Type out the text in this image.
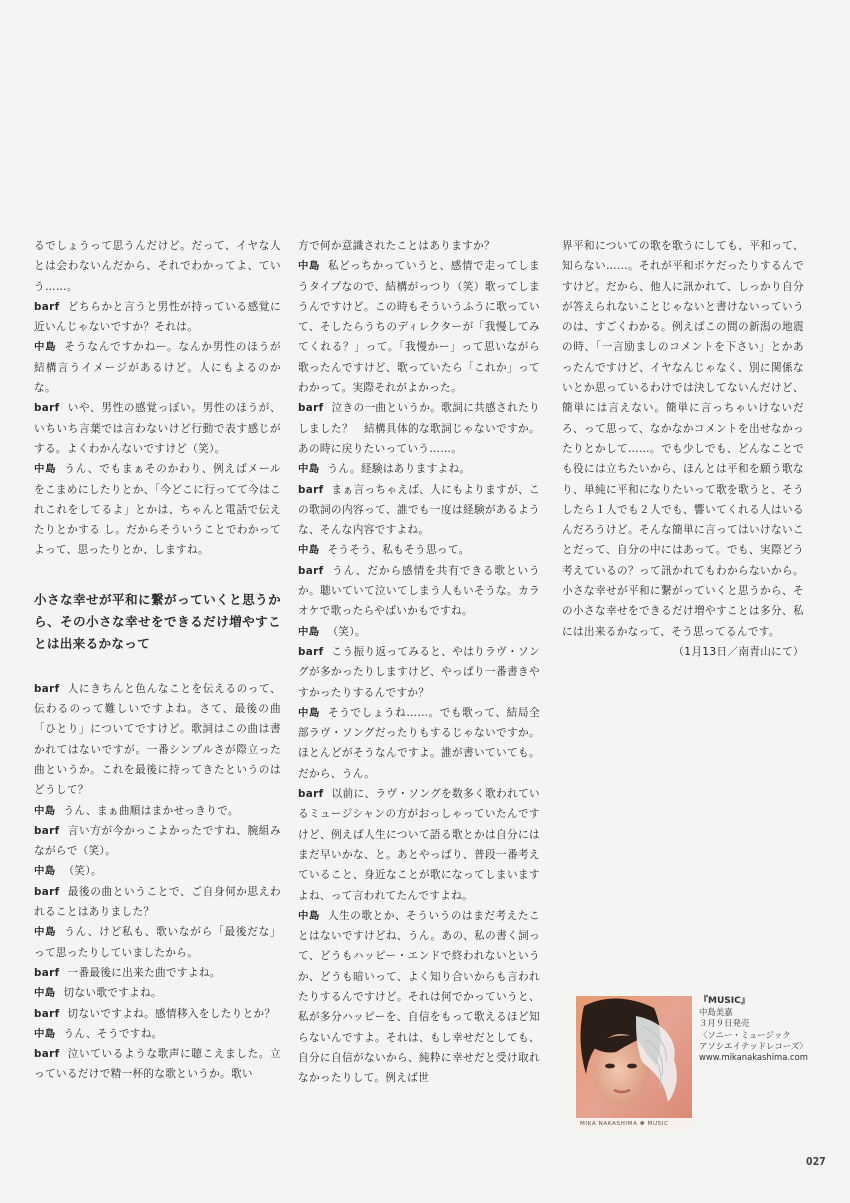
るでしょうって思うんだけど。だって、イヤな人とは会わないんだから、それでわかってよ、ていう……。

barf どちらかと言うと男性が持っている感覚に近いんじゃないですか？それは。

中島 そうなんですかねー。なんか男性のほうが結構言うイメージがあるけど。人にもよるのかな。

barf いや、男性の感覚っぽい。男性のほうが、いちいち言葉では言わないけど行動で表す感じがする。よくわかんないですけど（笑）。

中島 うん、でもまぁそのかわり、例えばメールをこまめにしたりとか、「今どこに行ってて今はこれこれをしてるよ」とかは、ちゃんと電話で伝えたりとかする し。だからそういうことでわかってよって、思ったりとか、しますね。

小さな幸せが平和に繋がっていくと思うから、その小さな幸せをできるだけ増やすことは出来るかなって

barf 人にきちんと色んなことを伝えるのって、伝わるのって難しいですよね。さて、最後の曲「ひとり」についてですけど。歌詞はこの曲は書かれてはないですが。一番シンプルさが際立った曲というか。これを最後に持ってきたというのはどうして？

中島 うん、まぁ曲順はまかせっきりで。

barf 言い方が今かっこよかったですね、腕組みながらで（笑）。

中島 （笑）。

barf 最後の曲ということで、ご自身何か思えわれることはありました？

中島 うん、けど私も、歌いながら「最後だな」って思ったりしていましたから。

barf 一番最後に出来た曲ですよね。

中島 切ない歌ですよね。

barf 切ないですよね。感情移入をしたりとか？

中島 うん、そうですね。

barf 泣いているような歌声に聴こえました。立っているだけで精一杯的な歌というか。歌い

方で何か意識されたことはありますか？

中島 私どっちかっていうと、感情で走ってしまうタイプなので、結構がっつり（笑）歌ってしまうんですけど。この時もそういうふうに歌っていて、そしたらうちのディレクターが「我慢してみてくれる？」って。「我慢かー」って思いながら歌ったんですけど、歌っていたら「これか」ってわかって。実際それがよかった。

barf 泣きの一曲というか。歌詞に共感されたりしました？　結構具体的な歌詞じゃないですか。あの時に戻りたいっていう……。

中島 うん。経験はありますよね。

barf まぁ言っちゃえば、人にもよりますが、この歌詞の内容って、誰でも一度は経験があるような、そんな内容ですよね。

中島 そうそう、私もそう思って。

barf うん、だから感情を共有できる歌というか。聴いていて泣いてしまう人もいそうな。カラオケで歌ったらやばいかもですね。

中島 （笑）。

barf こう振り返ってみると、やはりラヴ・ソングが多かったりしますけど、やっぱり一番書きやすかったりするんですか？

中島 そうでしょうね……。でも歌って、結局全部ラヴ・ソングだったりもするじゃないですか。ほとんどがそうなんですよ。誰が書いていても。だから、うん。

barf 以前に、ラヴ・ソングを数多く歌われているミュージシャンの方がおっしゃっていたんですけど、例えば人生について語る歌とかは自分にはまだ早いかな、と。あとやっぱり、普段一番考えていること、身近なことが歌になってしまいますよね、って言われてたんですよね。

中島 人生の歌とか、そういうのはまだ考えたことはないですけどね、うん。あの、私の書く詞って、どうもハッピー・エンドで終われないというか、どうも暗いって、よく知り合いからも言われたりするんですけど。それは何でかっていうと、私が多分ハッピーを、自信をもって歌えるほど知らないんですよ。それは、もし幸せだとしても、自分に自信がないから、純粋に幸せだと受け取れなかったりして。例えば世

界平和についての歌を歌うにしても、平和って、知らない……。それが平和ボケだったりするんですけど。だから、他人に訊かれて、しっかり自分が答えられないことじゃないと書けないっていうのは、すごくわかる。例えばこの間の新潟の地震の時、「一言励ましのコメントを下さい」とかあったんですけど、イヤなんじゃなく、別に関係ないとか思っているわけでは決してないんだけど、簡単には言えない。簡単に言っちゃいけないだろ、って思って、なかなかコメントを出せなかったりとかして……。でも少しでも、どんなことでも役には立ちたいから、ほんとは平和を願う歌なり、単純に平和になりたいって歌を歌うと、そうしたら１人でも２人でも、響いてくれる人はいるんだろうけど。そんな簡単に言ってはいけないことだって、自分の中にはあって。でも、実際どう考えているの？って訊かれてもわからないから。小さな幸せが平和に繋がっていくと思うから、その小さな幸せをできるだけ増やすことは多分、私には出来るかなって、そう思ってるんです。

（1月13日／南青山にて）

MIKA NAKASHIMA ✽ MUSIC
『MUSIC』
中島美嘉
３月９日発売
〈ソニー・ミュージック
アソシエイテッドレコーズ〉
www.mikanakashima.com
027
